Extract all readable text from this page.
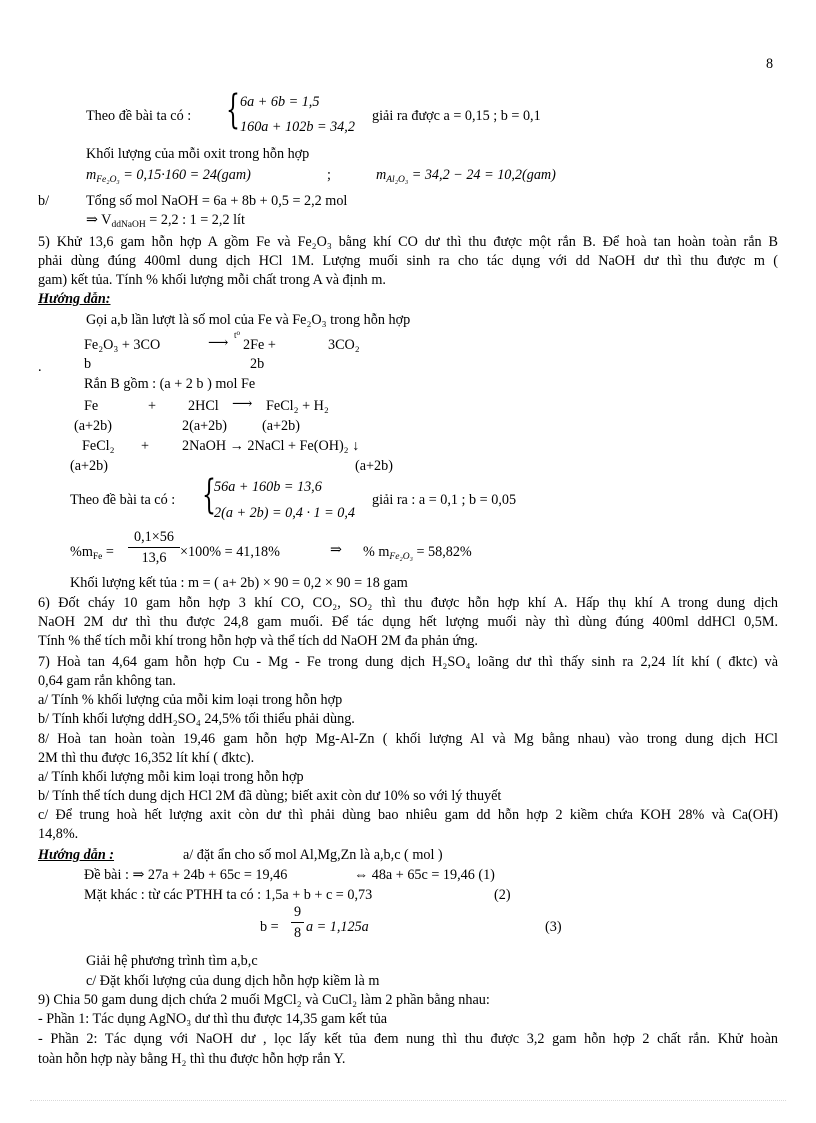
8
Theo đề bài ta có : { 6a + 6b = 1,5
160a + 102b = 34,2
giải ra được a = 0,15 ; b = 0,1
Khối lượng của mỗi oxit trong hỗn hợp
$m_{Fe_2O_3} = 0,15\cdot 160 = 24(gam)$	;	$m_{Al_2O_3} = 34,2 - 24 = 10,2(gam)$
b/	Tổng số mol NaOH = 6a + 8b + 0,5 = 2,2 mol
⇒ $V_{ddNaOH} = 2,2$ : 1 = 2,2 lít
5) Khử 13,6 gam hỗn hợp A gồm Fe và Fe₂O₃ bằng khí CO dư thì thu được một rắn B. Để hoà tan hoàn toàn rắn B
phải dùng đúng 400ml dung dịch HCl 1M. Lượng muối sinh ra cho tác dụng với dd NaOH dư thì thu được m (
gam) kết tủa. Tính % khối lượng mỗi chất trong A và định m.
Hướng dẫn:
Gọi a,b lần lượt là số mol của Fe và Fe₂O₃ trong hỗn hợp
Fe₂O₃ + 3CO
t⁰
⟶ 2Fe +	3CO₂
.	b	2b
Rắn B gồm : (a + 2 b ) mol Fe
Fe	+ 2HCl ⟶ FeCl₂ + H₂
(a+2b)	2(a+2b) (a+2b)
FeCl₂ + 2NaOH → 2NaCl + Fe(OH)₂ ↓
(a+2b)	(a+2b)
Theo đề bài ta có : {
56a + 160b = 13,6
2(a + 2b) = 0,4 · 1 = 0,4
giải ra : a = 0,1 ; b = 0,05
$\%m_{Fe} = \frac{0,1\times 56}{13,6} \times 100\% = 41,18\%$	⇒ % $m_{Fe_2O_3} = 58,82\%$
Khối lượng kết tủa : m = ( a+ 2b) × 90 = 0,2 × 90 = 18 gam
6) Đốt cháy 10 gam hỗn hợp 3 khí CO, CO₂, SO₂ thì thu được hỗn hợp khí A. Hấp thụ khí A trong dung dịch
NaOH 2M dư thì thu được 24,8 gam muối. Để tác dụng hết lượng muối này thì dùng đúng 400ml ddHCl 0,5M.
Tính % thể tích mỗi khí trong hỗn hợp và thể tích dd NaOH 2M đa phản ứng.
7) Hoà tan 4,64 gam hỗn hợp Cu - Mg - Fe trong dung dịch H₂SO₄ loãng dư thì thấy sinh ra 2,24 lít khí ( đktc) và
0,64 gam rắn không tan.
a/ Tính % khối lượng của mỗi kim loại trong hỗn hợp
b/ Tính khối lượng ddH₂SO₄ 24,5% tối thiểu phải dùng.
8/ Hoà tan hoàn toàn 19,46 gam hỗn hợp Mg-Al-Zn ( khối lượng Al và Mg bằng nhau) vào trong dung dịch HCl
2M thì thu được 16,352 lít khí ( đktc).
a/ Tính khối lượng mỗi kim loại trong hỗn hợp
b/ Tính thể tích dung dịch HCl 2M đã dùng; biết axit còn dư 10% so với lý thuyết
c/ Để trung hoà hết lượng axit còn dư thì phải dùng bao nhiêu gam dd hỗn hợp 2 kiềm chứa KOH 28% và Ca(OH)
14,8%.
Hướng dẫn :	a/ đặt ẩn cho số mol Al,Mg,Zn là a,b,c ( mol )
Đề bài : ⇒ 27a + 24b + 65c = 19,46	⇔ 48a + 65c = 19,46 (1)
Mặt khác : từ các PTHH ta có : 1,5a + b + c = 0,73	(2)
$b = \frac{9}{8}$ a = 1,125a	(3)
Giải hệ phương trình tìm a,b,c
c/ Đặt khối lượng của dung dịch hỗn hợp kiềm là m
9) Chia 50 gam dung dịch chứa 2 muối MgCl₂ và CuCl₂ làm 2 phần bằng nhau:
- Phần 1: Tác dụng AgNO₃ dư thì thu được 14,35 gam kết tủa
- Phần 2: Tác dụng với NaOH dư , lọc lấy kết tủa đem nung thì thu được 3,2 gam hỗn hợp 2 chất rắn. Khử hoàn
toàn hỗn hợp này bằng H₂ thì thu được hỗn hợp rắn Y.
